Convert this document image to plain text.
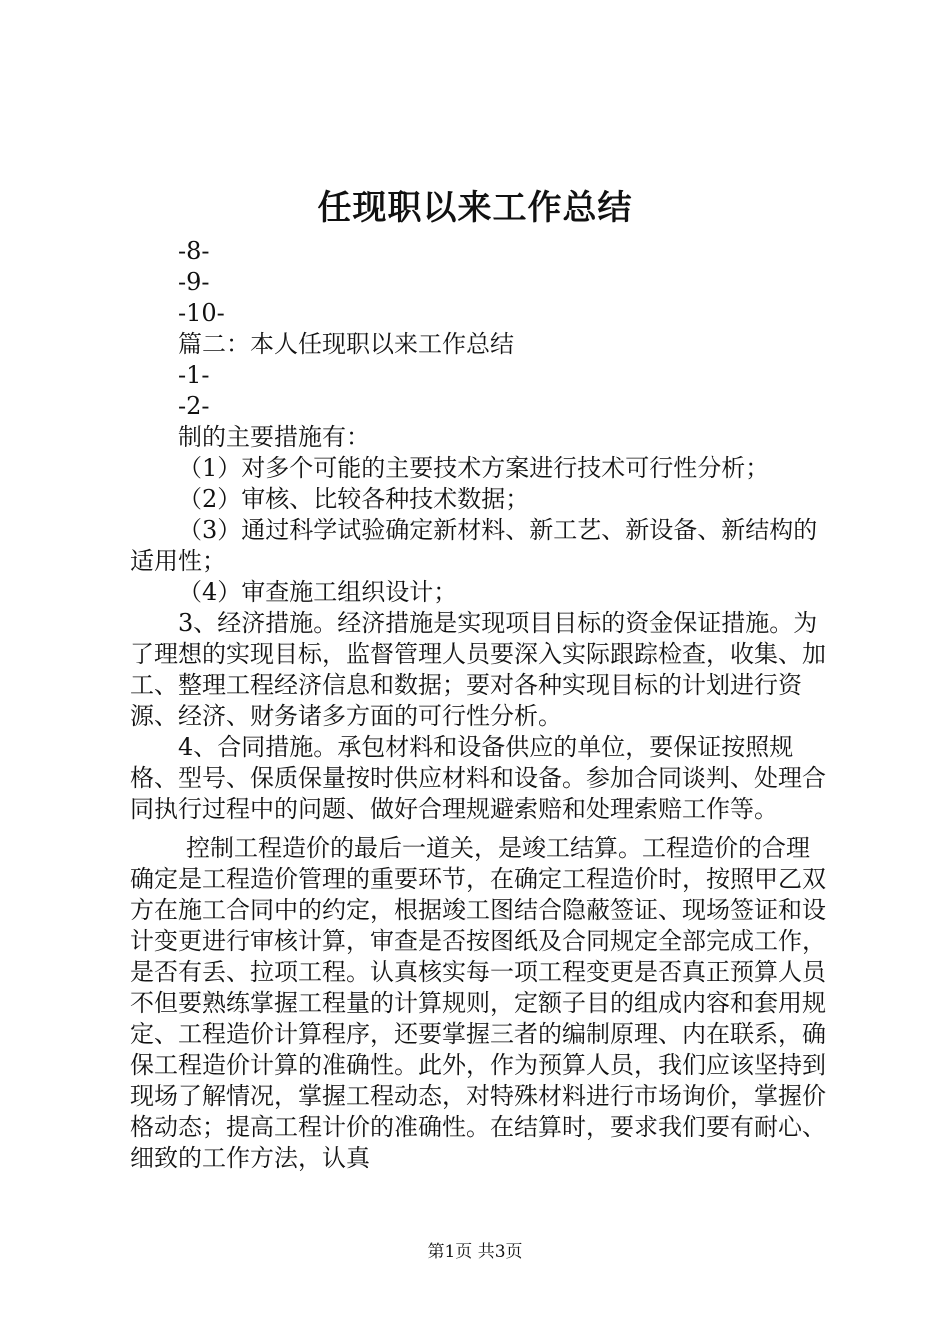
任现职以来工作总结

-8-

-9-

-10-

篇二：本人任现职以来工作总结

-1-

-2-

制的主要措施有：

（1）对多个可能的主要技术方案进行技术可行性分析；

（2）审核、比较各种技术数据；

（3）通过科学试验确定新材料、新工艺、新设备、新结构的适用性；

（4）审查施工组织设计；

3、经济措施。经济措施是实现项目目标的资金保证措施。为了理想的实现目标，监督管理人员要深入实际跟踪检查，收集、加工、整理工程经济信息和数据；要对各种实现目标的计划进行资源、经济、财务诸多方面的可行性分析。

4、合同措施。承包材料和设备供应的单位，要保证按照规格、型号、保质保量按时供应材料和设备。参加合同谈判、处理合同执行过程中的问题、做好合理规避索赔和处理索赔工作等。

控制工程造价的最后一道关，是竣工结算。工程造价的合理确定是工程造价管理的重要环节，在确定工程造价时，按照甲乙双方在施工合同中的约定，根据竣工图结合隐蔽签证、现场签证和设计变更进行审核计算，审查是否按图纸及合同规定全部完成工作，是否有丢、拉项工程。认真核实每一项工程变更是否真正预算人员不但要熟练掌握工程量的计算规则，定额子目的组成内容和套用规定、工程造价计算程序，还要掌握三者的编制原理、内在联系，确保工程造价计算的准确性。此外，作为预算人员，我们应该坚持到现场了解情况，掌握工程动态，对特殊材料进行市场询价，掌握价格动态；提高工程计价的准确性。在结算时，要求我们要有耐心、细致的工作方法，认真

第1页 共3页
